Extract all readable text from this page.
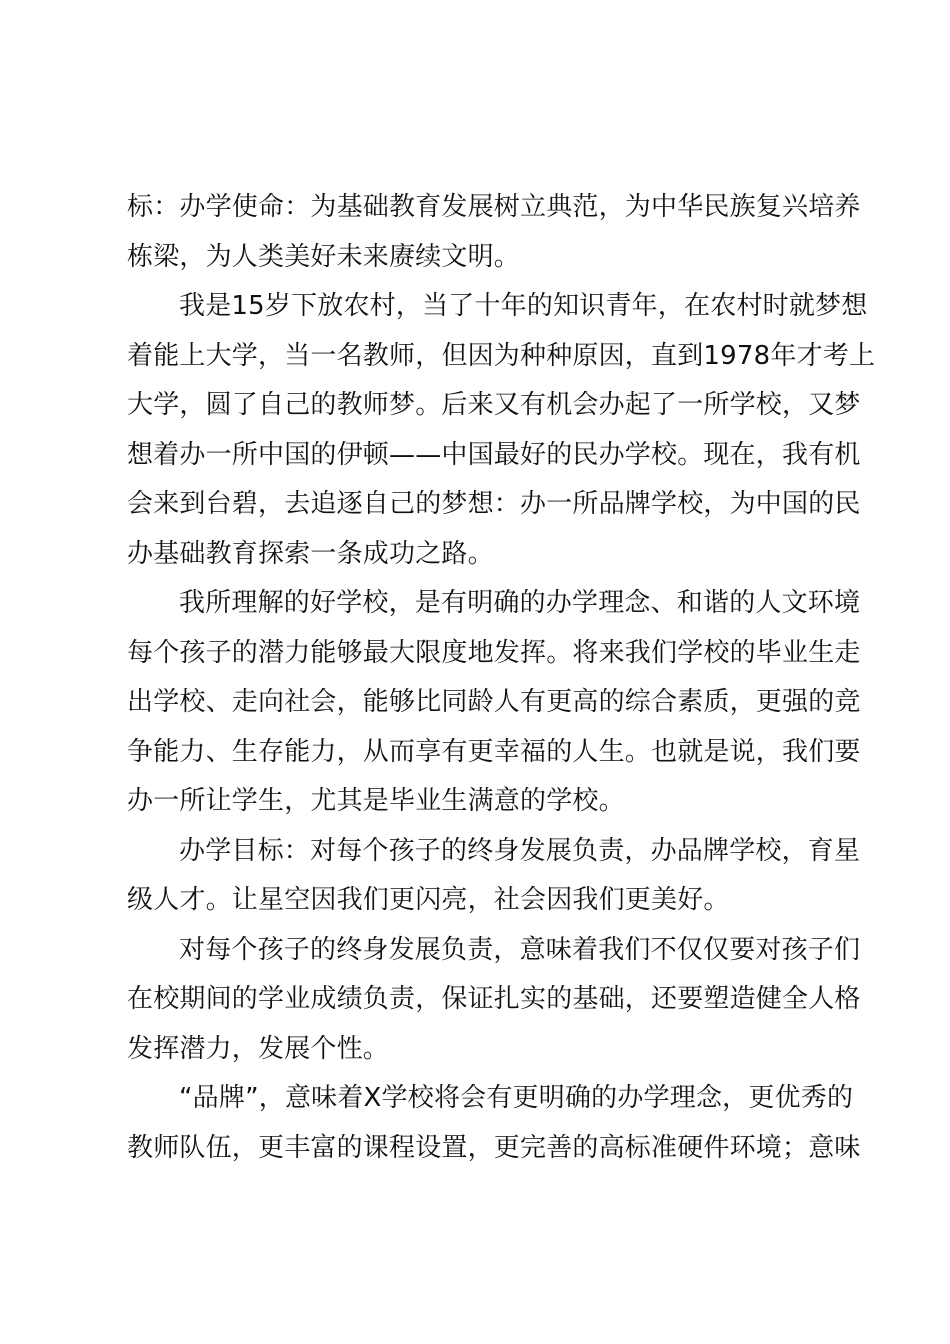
标：办学使命：为基础教育发展树立典范，为中华民族复兴培养
栋梁，为人类美好未来赓续文明。
我是15岁下放农村，当了十年的知识青年，在农村时就梦想
着能上大学，当一名教师，但因为种种原因，直到1978年才考上
大学，圆了自己的教师梦。后来又有机会办起了一所学校，又梦
想着办一所中国的伊顿——中国最好的民办学校。现在，我有机
会来到台碧，去追逐自己的梦想：办一所品牌学校，为中国的民
办基础教育探索一条成功之路。
我所理解的好学校，是有明确的办学理念、和谐的人文环境
每个孩子的潜力能够最大限度地发挥。将来我们学校的毕业生走
出学校、走向社会，能够比同龄人有更高的综合素质，更强的竞
争能力、生存能力，从而享有更幸福的人生。也就是说，我们要
办一所让学生，尤其是毕业生满意的学校。
办学目标：对每个孩子的终身发展负责，办品牌学校，育星
级人才。让星空因我们更闪亮，社会因我们更美好。
对每个孩子的终身发展负责，意味着我们不仅仅要对孩子们
在校期间的学业成绩负责，保证扎实的基础，还要塑造健全人格
发挥潜力，发展个性。
“品牌”，意味着X学校将会有更明确的办学理念，更优秀的
教师队伍，更丰富的课程设置，更完善的高标准硬件环境；意味
